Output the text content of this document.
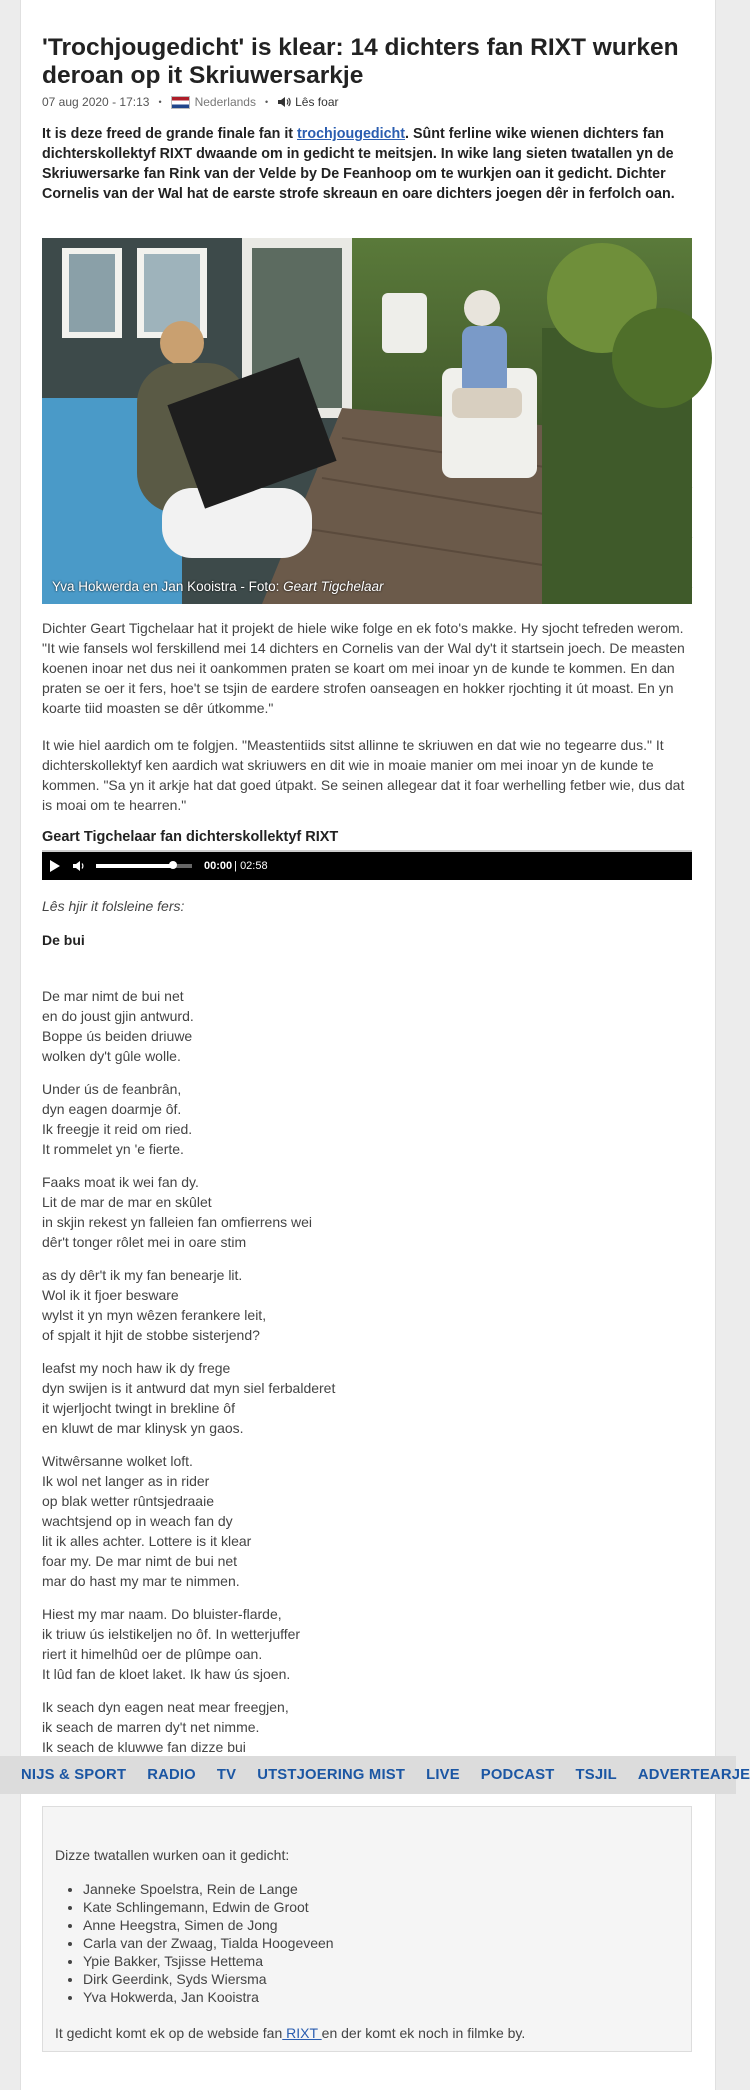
'Trochjougedicht' is klear: 14 dichters fan RIXT wurken deroan op it Skriuwersarkje
07 aug 2020 - 17:13 •	Nederlands • Lês foar

It is deze freed de grande finale fan it trochjougedicht. Sûnt ferline wike wienen dichters fan dichterskollektyf RIXT dwaande om in gedicht te meitsjen. In wike lang sieten twatallen yn de Skriuwersarke fan Rink van der Velde by De Feanhoop om te wurkjen oan it gedicht. Dichter Cornelis van der Wal hat de earste strofe skreaun en oare dichters joegen dêr in ferfolch oan.

Yva Hokwerda en Jan Kooistra - Foto: Geart Tigchelaar

Dichter Geart Tigchelaar hat it projekt de hiele wike folge en ek foto's makke. Hy sjocht tefreden werom. "It wie fansels wol ferskillend mei 14 dichters en Cornelis van der Wal dy't it startsein joech. De measten koenen inoar net dus nei it oankommen praten se koart om mei inoar yn de kunde te kommen. En dan praten se oer it fers, hoe't se tsjin de eardere strofen oanseagen en hokker rjochting it út moast. En yn koarte tiid moasten se dêr útkomme."

It wie hiel aardich om te folgjen. "Meastentiids sitst allinne te skriuwen en dat wie no tegearre dus." It dichterskollektyf ken aardich wat skriuwers en dit wie in moaie manier om mei inoar yn de kunde te kommen. "Sa yn it arkje hat dat goed útpakt. Se seinen allegear dat it foar werhelling fetber wie, dus dat is moai om te hearren."

Geart Tigchelaar fan dichterskollektyf RIXT
00:00 | 02:58
Lês hjir it folsleine fers:
De bui
De mar nimt de bui net
en do joust gjin antwurd.
Boppe ús beiden driuwe
wolken dy't gûle wolle.
Under ús de feanbrân,
dyn eagen doarmje ôf.
Ik freegje it reid om ried.
It rommelet yn 'e fierte.
Faaks moat ik wei fan dy.
Lit de mar de mar en skûlet
in skjin rekest yn falleien fan omfierrens wei
dêr't tonger rôlet mei in oare stim
as dy dêr't ik my fan benearje lit.
Wol ik it fjoer besware
wylst it yn myn wêzen ferankere leit,
of spjalt it hjit de stobbe sisterjend?
leafst my noch haw ik dy frege
dyn swijen is it antwurd dat myn siel ferbalderet
it wjerljocht twingt in brekline ôf
en kluwt de mar klinysk yn gaos.
Witwêrsanne wolket loft.
Ik wol net langer as in rider
op blak wetter rûntsjedraaie
wachtsjend op in weach fan dy
lit ik alles achter. Lottere is it klear
foar my. De mar nimt de bui net
mar do hast my mar te nimmen.
Hiest my mar naam. Do bluister-flarde,
ik triuw ús ielstikeljen no ôf. In wetterjuffer
riert it himelhûd oer de plûmpe oan.
It lûd fan de kloet laket. Ik haw ús sjoen.
Ik seach dyn eagen neat mear freegjen,
ik seach de marren dy't net nimme.
Ik seach de kluwwe fan dizze bui
Dizze twatallen wurken oan it gedicht:
• Janneke Spoelstra, Rein de Lange
• Kate Schlingemann, Edwin de Groot
• Anne Heegstra, Simen de Jong
• Carla van der Zwaag, Tialda Hoogeveen
• Ypie Bakker, Tsjisse Hettema
• Dirk Geerdink, Syds Wiersma
• Yva Hokwerda, Jan Kooistra
It gedicht komt ek op de webside fan RIXT en der komt ek noch in filmke by.
NIJS & SPORT RADIO TV UTSTJOERING MIST LIVE PODCAST TSJIL ADVERTEARJE
